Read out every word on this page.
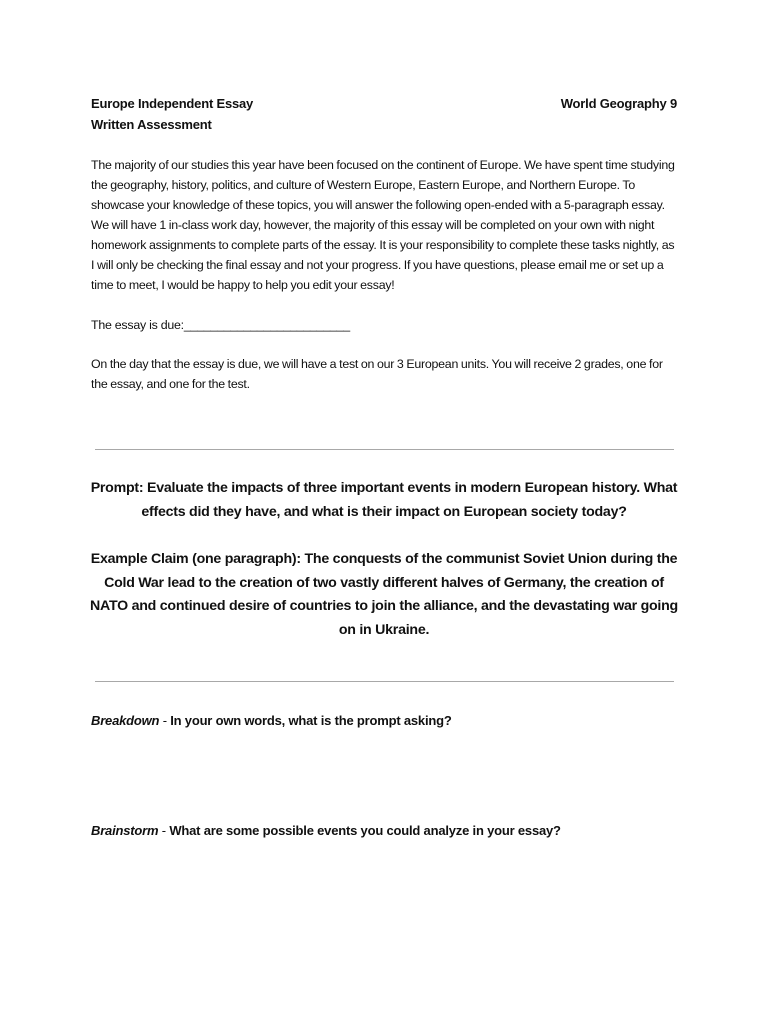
Europe Independent Essay	World Geography 9
Written Assessment
The majority of our studies this year have been focused on the continent of Europe. We have spent time studying the geography, history, politics, and culture of Western Europe, Eastern Europe, and Northern Europe. To showcase your knowledge of these topics, you will answer the following open-ended with a 5-paragraph essay. We will have 1 in-class work day, however, the majority of this essay will be completed on your own with night homework assignments to complete parts of the essay. It is your responsibility to complete these tasks nightly, as I will only be checking the final essay and not your progress. If you have questions, please email me or set up a time to meet, I would be happy to help you edit your essay!
The essay is due:_________________________
On the day that the essay is due, we will have a test on our 3 European units. You will receive 2 grades, one for the essay, and one for the test.
Prompt: Evaluate the impacts of three important events in modern European history. What effects did they have, and what is their impact on European society today?
Example Claim (one paragraph): The conquests of the communist Soviet Union during the Cold War lead to the creation of two vastly different halves of Germany, the creation of NATO and continued desire of countries to join the alliance, and the devastating war going on in Ukraine.
Breakdown - In your own words, what is the prompt asking?
Brainstorm - What are some possible events you could analyze in your essay?
